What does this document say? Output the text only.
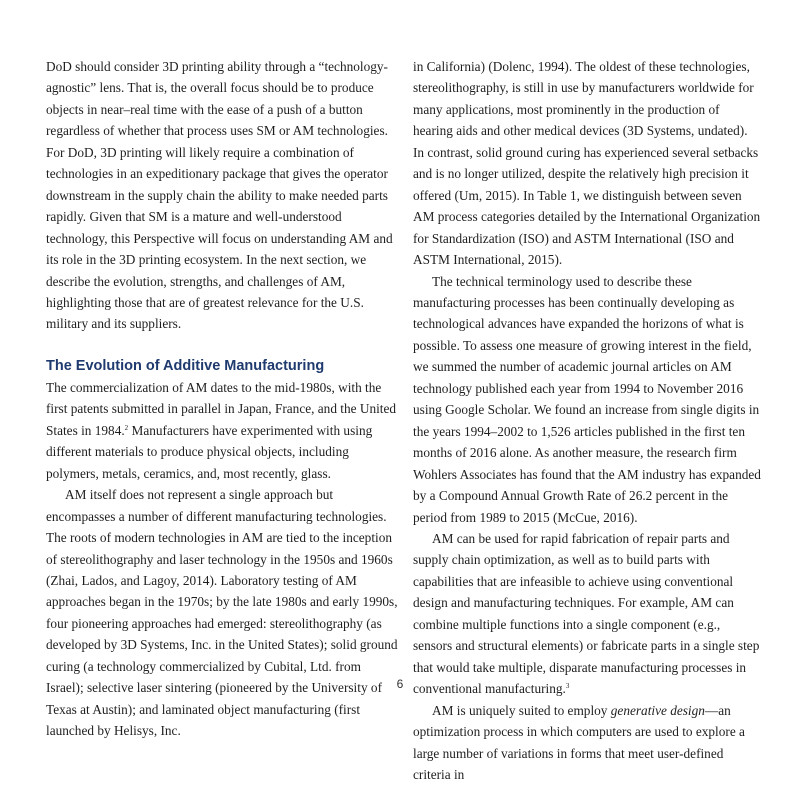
DoD should consider 3D printing ability through a “technology-agnostic” lens. That is, the overall focus should be to produce objects in near–real time with the ease of a push of a button regardless of whether that process uses SM or AM technologies. For DoD, 3D printing will likely require a combination of technologies in an expeditionary package that gives the operator downstream in the supply chain the ability to make needed parts rapidly. Given that SM is a mature and well-understood technology, this Perspective will focus on understanding AM and its role in the 3D printing ecosystem. In the next section, we describe the evolution, strengths, and challenges of AM, highlighting those that are of greatest relevance for the U.S. military and its suppliers.

The Evolution of Additive Manufacturing

The commercialization of AM dates to the mid-1980s, with the first patents submitted in parallel in Japan, France, and the United States in 1984.$^2$ Manufacturers have experimented with using different materials to produce physical objects, including polymers, metals, ceramics, and, most recently, glass.

AM itself does not represent a single approach but encompasses a number of different manufacturing technologies. The roots of modern technologies in AM are tied to the inception of stereolithography and laser technology in the 1950s and 1960s (Zhai, Lados, and Lagoy, 2014). Laboratory testing of AM approaches began in the 1970s; by the late 1980s and early 1990s, four pioneering approaches had emerged: stereolithography (as developed by 3D Systems, Inc. in the United States); solid ground curing (a technology commercialized by Cubital, Ltd. from Israel); selective laser sintering (pioneered by the University of Texas at Austin); and laminated object manufacturing (first launched by Helisys, Inc.

in California) (Dolenc, 1994). The oldest of these technologies, stereolithography, is still in use by manufacturers worldwide for many applications, most prominently in the production of hearing aids and other medical devices (3D Systems, undated). In contrast, solid ground curing has experienced several setbacks and is no longer utilized, despite the relatively high precision it offered (Um, 2015). In Table 1, we distinguish between seven AM process categories detailed by the International Organization for Standardization (ISO) and ASTM International (ISO and ASTM International, 2015).

The technical terminology used to describe these manufacturing processes has been continually developing as technological advances have expanded the horizons of what is possible. To assess one measure of growing interest in the field, we summed the number of academic journal articles on AM technology published each year from 1994 to November 2016 using Google Scholar. We found an increase from single digits in the years 1994–2002 to 1,526 articles published in the first ten months of 2016 alone. As another measure, the research firm Wohlers Associates has found that the AM industry has expanded by a Compound Annual Growth Rate of 26.2 percent in the period from 1989 to 2015 (McCue, 2016).

AM can be used for rapid fabrication of repair parts and supply chain optimization, as well as to build parts with capabilities that are infeasible to achieve using conventional design and manufacturing techniques. For example, AM can combine multiple functions into a single component (e.g., sensors and structural elements) or fabricate parts in a single step that would take multiple, disparate manufacturing processes in conventional manufacturing.$^3$

AM is uniquely suited to employ generative design—an optimization process in which computers are used to explore a large number of variations in forms that meet user-defined criteria in

6
